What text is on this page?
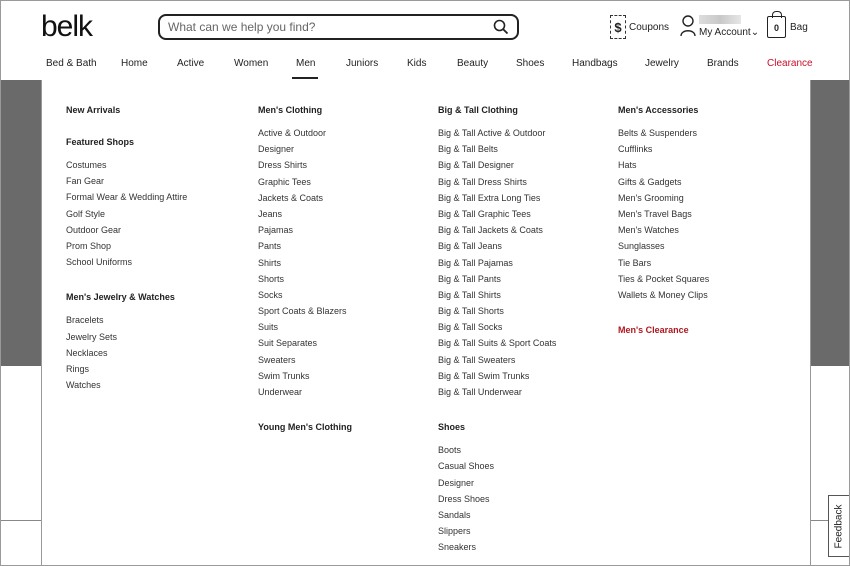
belk
What can we help you find?	$ Coupons	My Account⌄ 0 Bag
Bed & Bath Home	Active	Women	Men	Juniors	Kids	Beauty	Shoes	Handbags	Jewelry	Brands	Clearance
New Arrivals
Featured Shops
Costumes
Fan Gear
Formal Wear & Wedding Attire
Golf Style
Outdoor Gear
Prom Shop
School Uniforms
Men's Jewelry & Watches
Bracelets
Jewelry Sets
Necklaces
Rings
Watches
Men's Clothing
Active & Outdoor
Designer
Dress Shirts
Graphic Tees
Jackets & Coats
Jeans
Pajamas
Pants
Shirts
Shorts
Socks
Sport Coats & Blazers
Suits
Suit Separates
Sweaters
Swim Trunks
Underwear
Young Men's Clothing
Big & Tall Clothing
Big & Tall Active & Outdoor
Big & Tall Belts
Big & Tall Designer
Big & Tall Dress Shirts
Big & Tall Extra Long Ties
Big & Tall Graphic Tees
Big & Tall Jackets & Coats
Big & Tall Jeans
Big & Tall Pajamas
Big & Tall Pants
Big & Tall Shirts
Big & Tall Shorts
Big & Tall Socks
Big & Tall Suits & Sport Coats
Big & Tall Sweaters
Big & Tall Swim Trunks
Big & Tall Underwear
Shoes
Boots
Casual Shoes
Designer
Dress Shoes
Sandals
Slippers
Sneakers
Men's Accessories
Belts & Suspenders
Cufflinks
Hats
Gifts & Gadgets
Men's Grooming
Men's Travel Bags
Men's Watches
Sunglasses
Tie Bars
Ties & Pocket Squares
Wallets & Money Clips
Men's Clearance
Feedback
